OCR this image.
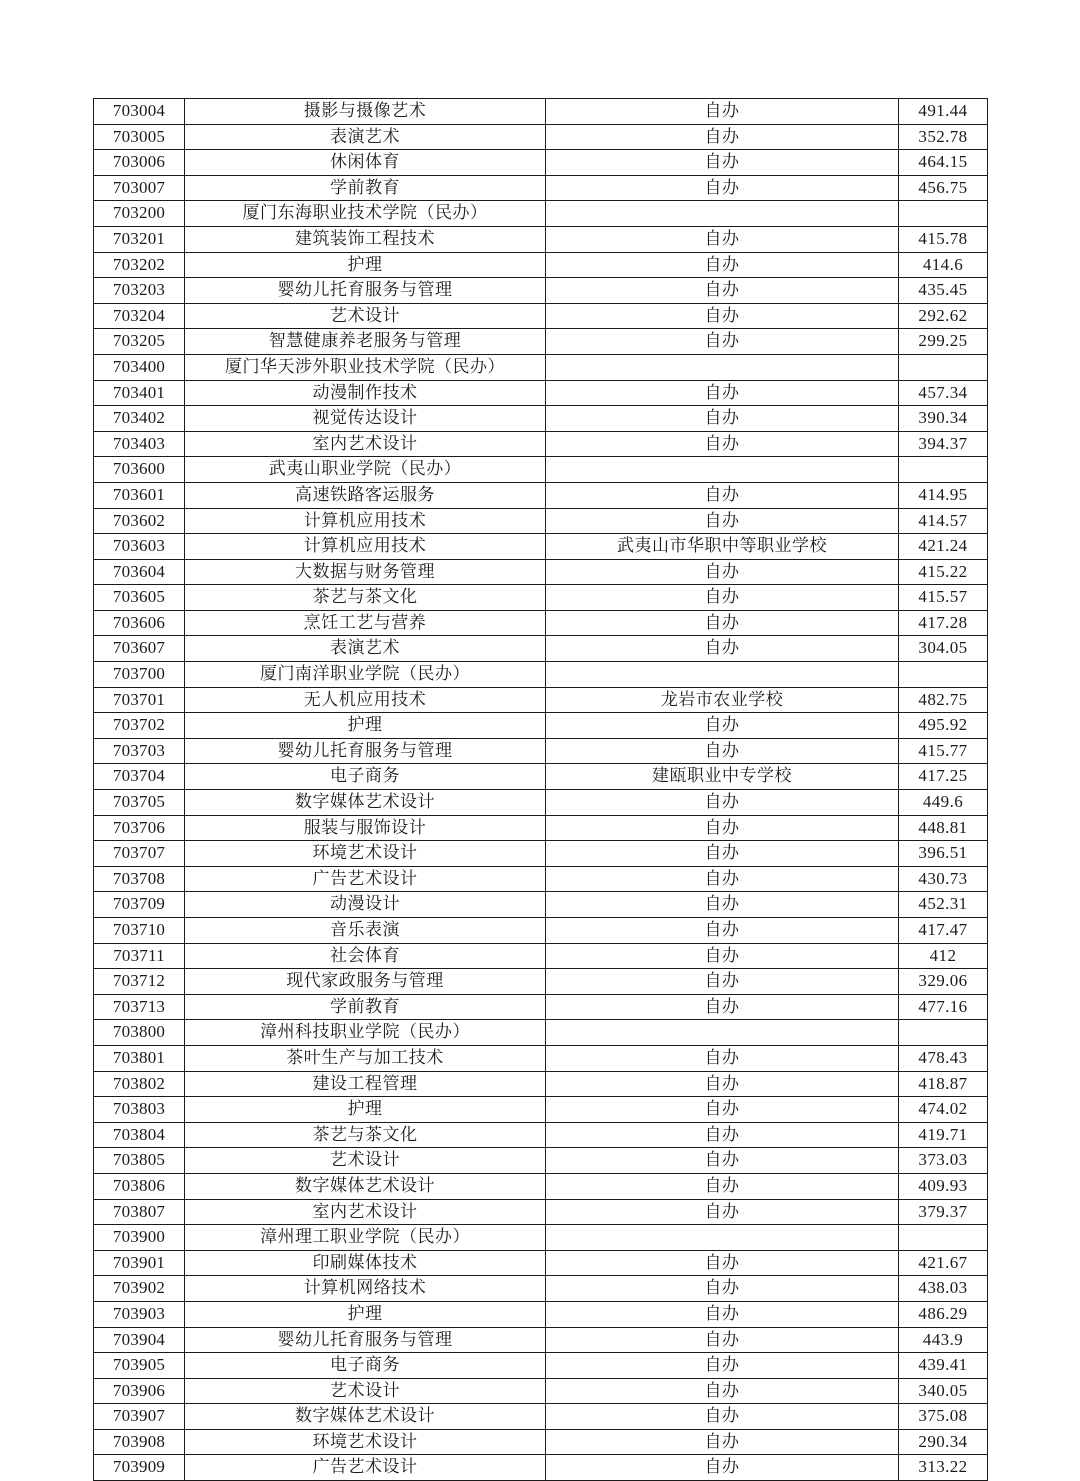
703004	摄影与摄像艺术	自办	491.44
703005	表演艺术	自办	352.78
703006	休闲体育	自办	464.15
703007	学前教育	自办	456.75
703200	厦门东海职业技术学院（民办）		
703201	建筑装饰工程技术	自办	415.78
703202	护理	自办	414.6
703203	婴幼儿托育服务与管理	自办	435.45
703204	艺术设计	自办	292.62
703205	智慧健康养老服务与管理	自办	299.25
703400	厦门华天涉外职业技术学院（民办）		
703401	动漫制作技术	自办	457.34
703402	视觉传达设计	自办	390.34
703403	室内艺术设计	自办	394.37
703600	武夷山职业学院（民办）		
703601	高速铁路客运服务	自办	414.95
703602	计算机应用技术	自办	414.57
703603	计算机应用技术	武夷山市华职中等职业学校	421.24
703604	大数据与财务管理	自办	415.22
703605	茶艺与茶文化	自办	415.57
703606	烹饪工艺与营养	自办	417.28
703607	表演艺术	自办	304.05
703700	厦门南洋职业学院（民办）		
703701	无人机应用技术	龙岩市农业学校	482.75
703702	护理	自办	495.92
703703	婴幼儿托育服务与管理	自办	415.77
703704	电子商务	建瓯职业中专学校	417.25
703705	数字媒体艺术设计	自办	449.6
703706	服装与服饰设计	自办	448.81
703707	环境艺术设计	自办	396.51
703708	广告艺术设计	自办	430.73
703709	动漫设计	自办	452.31
703710	音乐表演	自办	417.47
703711	社会体育	自办	412
703712	现代家政服务与管理	自办	329.06
703713	学前教育	自办	477.16
703800	漳州科技职业学院（民办）		
703801	茶叶生产与加工技术	自办	478.43
703802	建设工程管理	自办	418.87
703803	护理	自办	474.02
703804	茶艺与茶文化	自办	419.71
703805	艺术设计	自办	373.03
703806	数字媒体艺术设计	自办	409.93
703807	室内艺术设计	自办	379.37
703900	漳州理工职业学院（民办）		
703901	印刷媒体技术	自办	421.67
703902	计算机网络技术	自办	438.03
703903	护理	自办	486.29
703904	婴幼儿托育服务与管理	自办	443.9
703905	电子商务	自办	439.41
703906	艺术设计	自办	340.05
703907	数字媒体艺术设计	自办	375.08
703908	环境艺术设计	自办	290.34
703909	广告艺术设计	自办	313.22
